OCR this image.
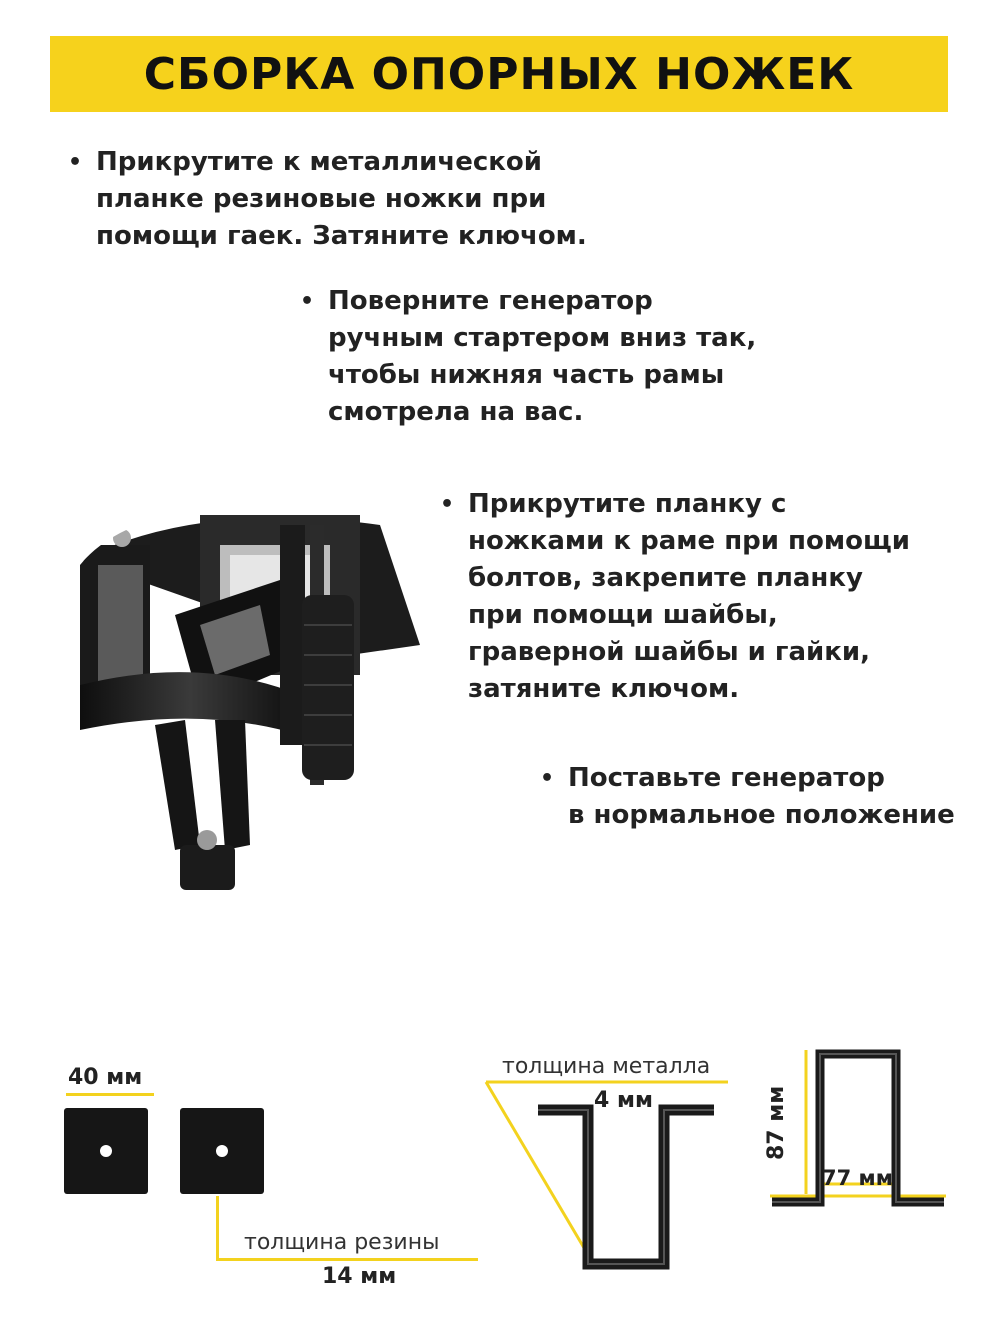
СБОРКА ОПОРНЫХ НОЖЕК
• Прикрутите к металлической
планке резиновые ножки при
помощи гаек. Затяните ключом.
• Поверните генератор
ручным стартером вниз так,
чтобы нижняя часть рамы
смотрела на вас.
• Прикрутите планку с
ножками к раме при помощи
болтов, закрепите планку
при помощи шайбы,
граверной шайбы и гайки,
затяните ключом.
• Поставьте генератор
в нормальное положение
40 мм
толщина резины
14 мм
толщина металла
4 мм	87 мм
77 мм
